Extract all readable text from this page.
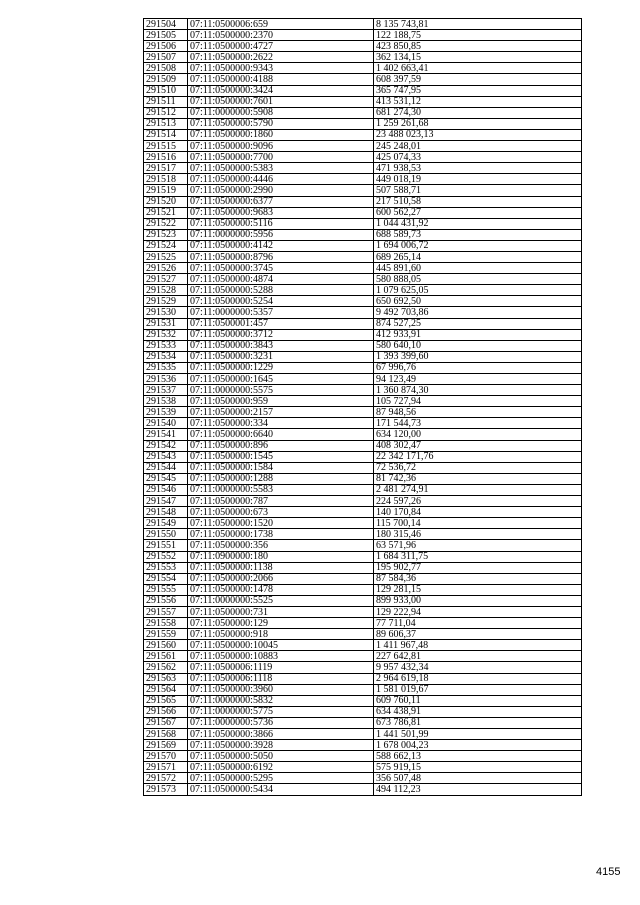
291504	07:11:0500006:659	8 135 743,81
291505	07:11:0500000:2370	122 188,75
291506	07:11:0500000:4727	423 850,85
291507	07:11:0500000:2622	362 134,15
291508	07:11:0500000:9343	1 402 663,41
291509	07:11:0500000:4188	608 397,59
291510	07:11:0500000:3424	365 747,95
291511	07:11:0500000:7601	413 531,12
291512	07:11:0000000:5908	681 274,30
291513	07:11:0500000:5790	1 259 261,68
291514	07:11:0500000:1860	23 488 023,13
291515	07:11:0500000:9096	245 248,01
291516	07:11:0500000:7700	425 074,33
291517	07:11:0500000:5383	471 938,53
291518	07:11:0500000:4446	449 018,19
291519	07:11:0500000:2990	507 588,71
291520	07:11:0500000:6377	217 510,58
291521	07:11:0500000:9683	600 562,27
291522	07:11:0500000:5116	1 044 431,92
291523	07:11:0000000:5956	688 589,73
291524	07:11:0500000:4142	1 694 006,72
291525	07:11:0500000:8796	689 265,14
291526	07:11:0500000:3745	445 891,60
291527	07:11:0500000:4874	580 888,05
291528	07:11:0500000:5288	1 079 625,05
291529	07:11:0500000:5254	650 692,50
291530	07:11:0000000:5357	9 492 703,86
291531	07:11:0500001:457	874 527,25
291532	07:11:0500000:3712	412 933,91
291533	07:11:0500000:3843	580 640,10
291534	07:11:0500000:3231	1 393 399,60
291535	07:11:0500000:1229	67 996,76
291536	07:11:0500000:1645	94 123,49
291537	07:11:0000000:5575	1 360 874,30
291538	07:11:0500000:959	105 727,94
291539	07:11:0500000:2157	87 948,56
291540	07:11:0500000:334	171 544,73
291541	07:11:0500000:6640	634 120,00
291542	07:11:0500000:896	408 302,47
291543	07:11:0500000:1545	22 342 171,76
291544	07:11:0500000:1584	72 536,72
291545	07:11:0500000:1288	81 742,36
291546	07:11:0000000:5583	2 481 274,91
291547	07:11:0500000:787	224 597,26
291548	07:11:0500000:673	140 170,84
291549	07:11:0500000:1520	115 700,14
291550	07:11:0500000:1738	180 315,46
291551	07:11:0500000:356	63 571,96
291552	07:11:0900000:180	1 684 311,75
291553	07:11:0500000:1138	195 902,77
291554	07:11:0500000:2066	87 584,36
291555	07:11:0500000:1478	129 281,15
291556	07:11:0000000:5525	899 933,00
291557	07:11:0500000:731	129 222,94
291558	07:11:0500000:129	77 711,04
291559	07:11:0500000:918	89 606,37
291560	07:11:0500000:10045	1 411 967,48
291561	07:11:0500000:10883	227 642,81
291562	07:11:0500006:1119	9 957 432,34
291563	07:11:0500006:1118	2 964 619,18
291564	07:11:0500000:3960	1 581 019,67
291565	07:11:0000000:5832	609 760,11
291566	07:11:0000000:5775	634 438,91
291567	07:11:0000000:5736	673 786,81
291568	07:11:0500000:3866	1 441 501,99
291569	07:11:0500000:3928	1 678 004,23
291570	07:11:0500000:5050	588 662,13
291571	07:11:0500000:6192	575 919,15
291572	07:11:0500000:5295	356 507,48
291573	07:11:0500000:5434	494 112,23
4155
